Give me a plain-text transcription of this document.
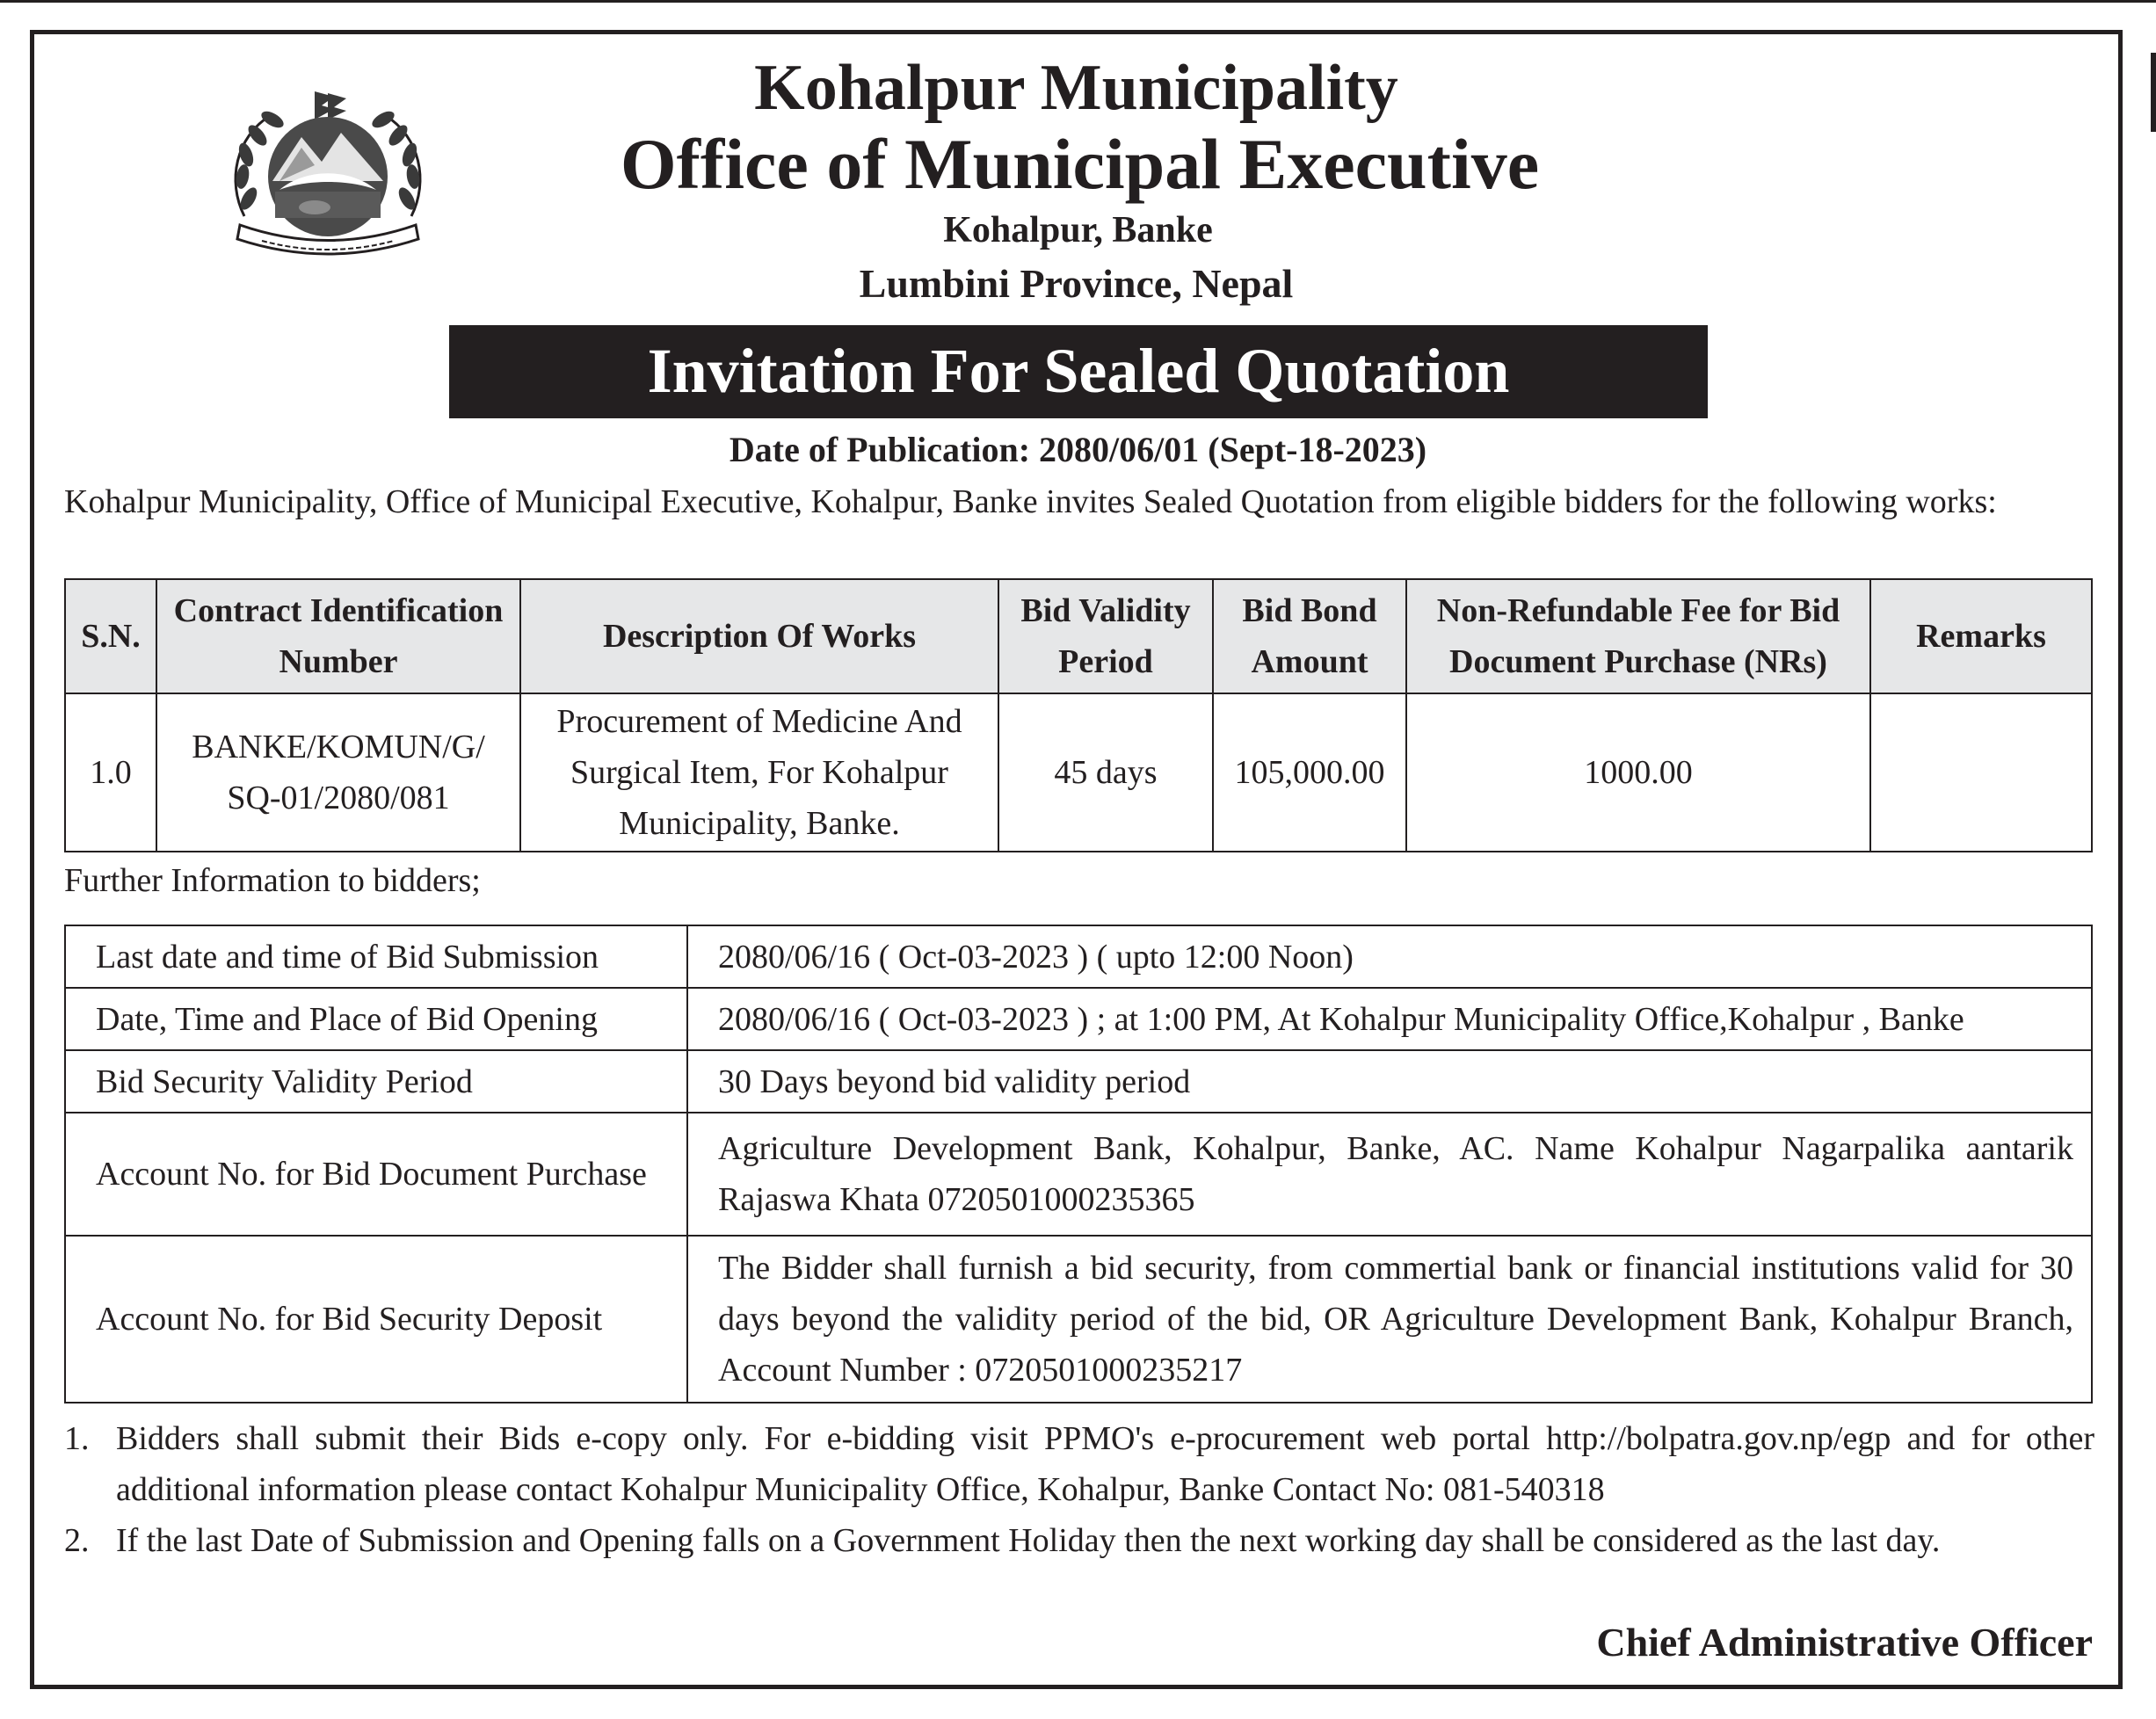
Kohalpur Municipality
Office of Municipal Executive
Kohalpur, Banke
Lumbini Province, Nepal
Invitation For Sealed Quotation
Date of Publication: 2080/06/01 (Sept-18-2023)
Kohalpur Municipality, Office of Municipal Executive, Kohalpur, Banke invites Sealed Quotation from eligible bidders for the following works:
S.N.	Contract Identification Number	Description Of Works	Bid Validity Period	Bid Bond Amount	Non-Refundable Fee for Bid Document Purchase (NRs)	Remarks
1.0	BANKE/KOMUN/G/ SQ-01/2080/081	Procurement of Medicine And Surgical Item, For Kohalpur Municipality, Banke.	45 days	105,000.00	1000.00	
Further Information to bidders;
Last date and time of Bid Submission	2080/06/16 ( Oct-03-2023 ) ( upto 12:00 Noon)
Date, Time and Place of Bid Opening	2080/06/16 ( Oct-03-2023 ) ; at 1:00 PM, At Kohalpur Municipality Office,Kohalpur , Banke
Bid Security Validity Period	30 Days beyond bid validity period
Account No. for Bid Document Purchase	Agriculture Development Bank, Kohalpur, Banke, AC. Name Kohalpur Nagarpalika aantarik Rajaswa Khata 0720501000235365
Account No. for Bid Security Deposit	The Bidder shall furnish a bid security, from commertial bank or financial institutions valid for 30 days beyond the validity period of the bid, OR Agriculture Development Bank, Kohalpur Branch, Account Number : 0720501000235217
1. Bidders shall submit their Bids e-copy only. For e-bidding visit PPMO's e-procurement web portal http://bolpatra.gov.np/egp and for other additional information please contact Kohalpur Municipality Office, Kohalpur, Banke Contact No: 081-540318
2. If the last Date of Submission and Opening falls on a Government Holiday then the next working day shall be considered as the last day.
Chief Administrative Officer
